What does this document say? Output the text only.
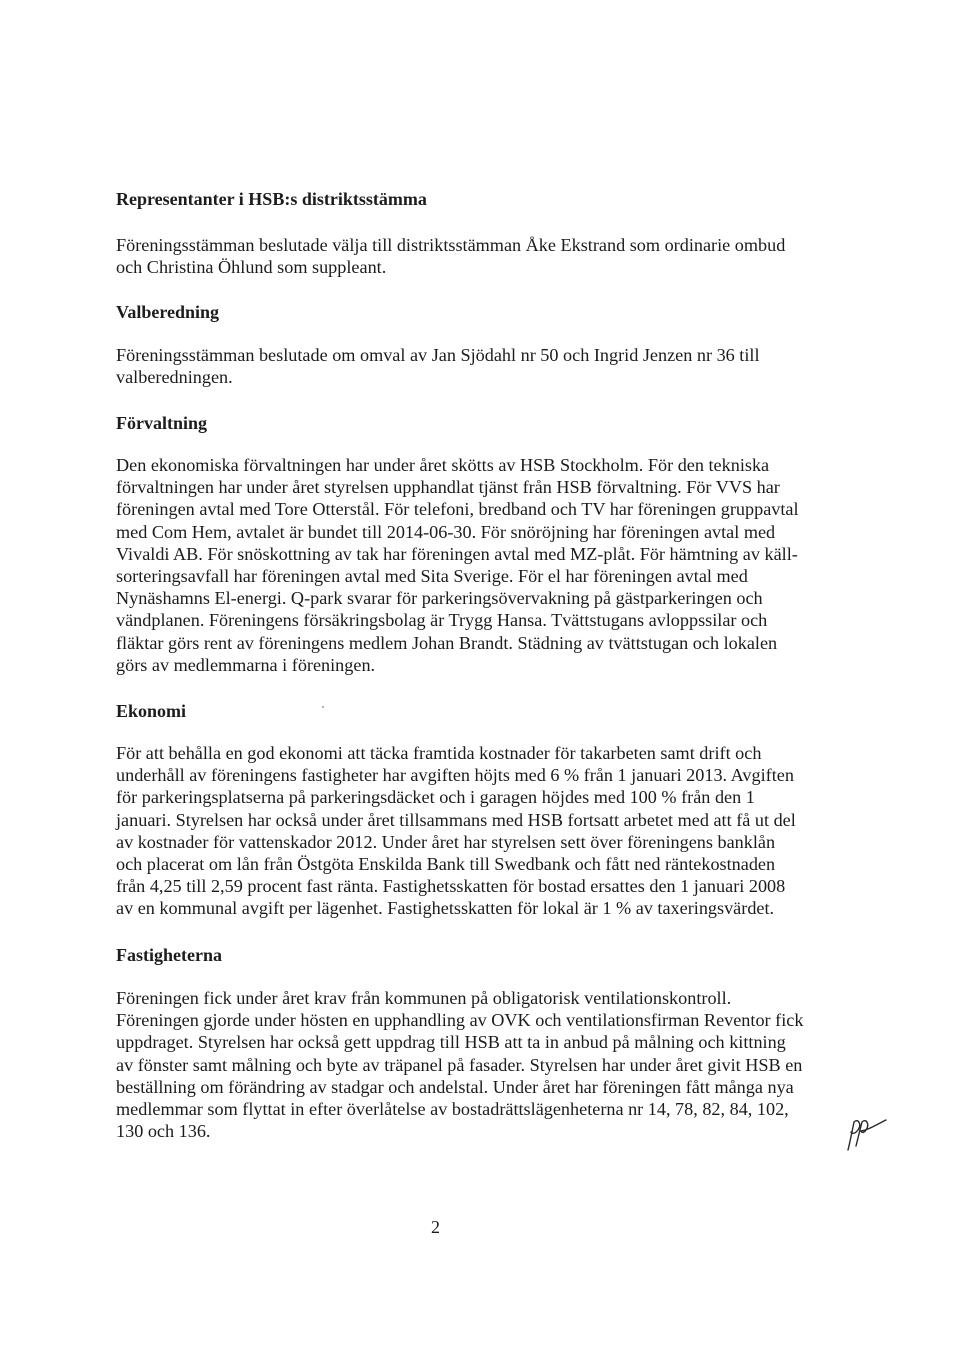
Representanter i HSB:s distriktsstämma

Föreningsstämman beslutade välja till distriktsstämman Åke Ekstrand som ordinarie ombud
och Christina Öhlund som suppleant.

Valberedning

Föreningsstämman beslutade om omval av Jan Sjödahl nr 50 och Ingrid Jenzen nr 36 till
valberedningen.

Förvaltning

Den ekonomiska förvaltningen har under året skötts av HSB Stockholm. För den tekniska
förvaltningen har under året styrelsen upphandlat tjänst från HSB förvaltning. För VVS har
föreningen avtal med Tore Otterstål. För telefoni, bredband och TV har föreningen gruppavtal
med Com Hem, avtalet är bundet till 2014-06-30. För snöröjning har föreningen avtal med
Vivaldi AB. För snöskottning av tak har föreningen avtal med MZ-plåt. För hämtning av käll-
sorteringsavfall har föreningen avtal med Sita Sverige. För el har föreningen avtal med
Nynäshamns El-energi. Q-park svarar för parkeringsövervakning på gästparkeringen och
vändplanen. Föreningens försäkringsbolag är Trygg Hansa. Tvättstugans avloppssilar och
fläktar görs rent av föreningens medlem Johan Brandt. Städning av tvättstugan och lokalen
görs av medlemmarna i föreningen.

Ekonomi

För att behålla en god ekonomi att täcka framtida kostnader för takarbeten samt drift och
underhåll av föreningens fastigheter har avgiften höjts med 6 % från 1 januari 2013. Avgiften
för parkeringsplatserna på parkeringsdäcket och i garagen höjdes med 100 % från den 1
januari. Styrelsen har också under året tillsammans med HSB fortsatt arbetet med att få ut del
av kostnader för vattenskador 2012. Under året har styrelsen sett över föreningens banklån
och placerat om lån från Östgöta Enskilda Bank till Swedbank och fått ned räntekostnaden
från 4,25 till 2,59 procent fast ränta. Fastighetsskatten för bostad ersattes den 1 januari 2008
av en kommunal avgift per lägenhet. Fastighetsskatten för lokal är 1 % av taxeringsvärdet.

Fastigheterna

Föreningen fick under året krav från kommunen på obligatorisk ventilationskontroll.
Föreningen gjorde under hösten en upphandling av OVK och ventilationsfirman Reventor fick
uppdraget. Styrelsen har också gett uppdrag till HSB att ta in anbud på målning och kittning
av fönster samt målning och byte av träpanel på fasader. Styrelsen har under året givit HSB en
beställning om förändring av stadgar och andelstal. Under året har föreningen fått många nya
medlemmar som flyttat in efter överlåtelse av bostadrättslägenheterna nr 14, 78, 82, 84, 102,
130 och 136.

2
